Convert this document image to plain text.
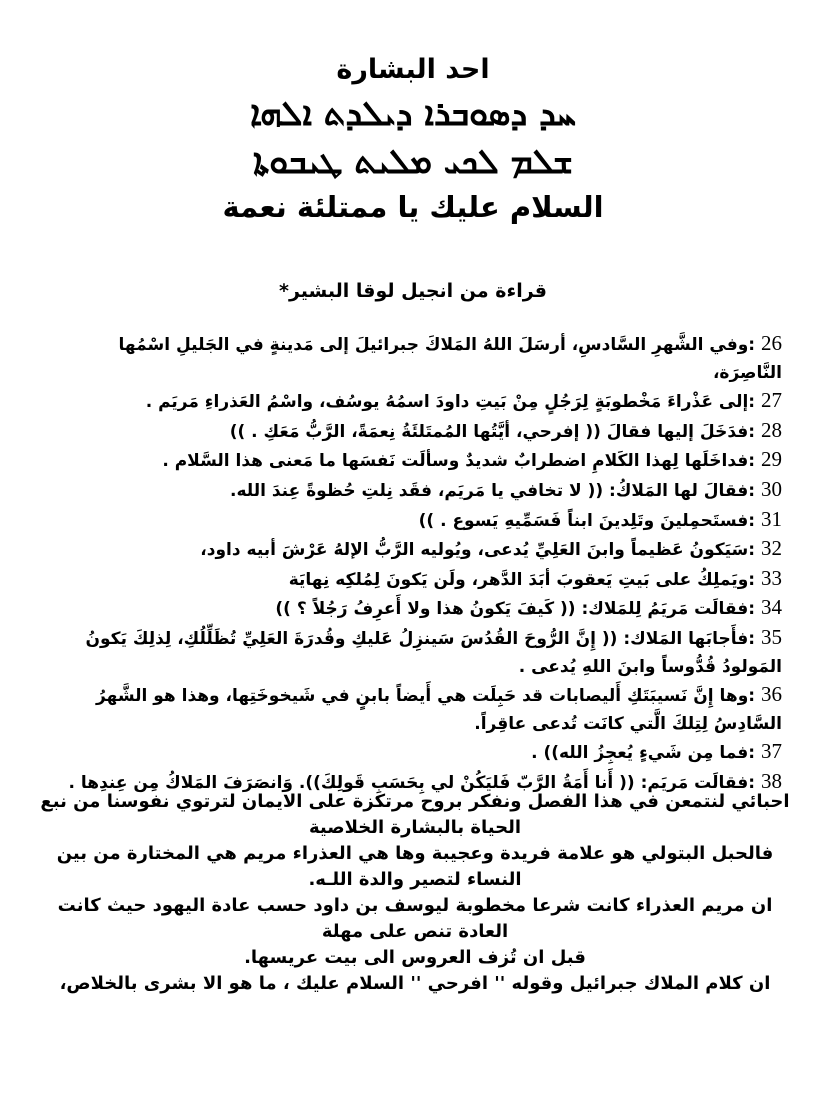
احد البشارة
ܚܕ ܕܣܘܒܪܐ ܕܝܠܕܬ ܐܠܗܐ
ܫܠܡ ܠܟܝ ܡܠܝܬ ܛܝܒܘܬܐ
السلام عليك يا ممتلئة نعمة
قراءة من انجيل لوقا البشير*
26 :وفي الشَّهرِ السَّادسِ، أرسَلَ اللهُ المَلاكَ جبرائيلَ إلى مَدينةٍ في الجَليلِ اسْمُها النَّاصِرَة،
27 :إلى عَذْراءَ مَخْطوبَةٍ لِرَجُلٍ مِنْ بَيتِ داودَ اسمُهُ يوسُف، واسْمُ العَذراءِ مَريَم .
28 :فدَخَلَ إليها فقالَ (( إفرحي، أيَّتُها المُمتَلئَةُ نِعمَةً، الرَّبُّ مَعَكِ . ))
29 :فداخَلَها لِهذا الكَلامِ اضطرابٌ شديدٌ وسألَت نَفسَها ما مَعنى هذا السَّلام .
30 :فقالَ لها المَلاكُ: (( لا تخافي يا مَريَم، فقَد نِلتِ حُظوةً عِندَ الله.
31 :فستَحمِلينَ وتَلِدينَ ابناً فَسَمِّيهِ يَسوع . ))
32 :سَيَكونُ عَظيماً وابنَ العَلِيِّ يُدعى، ويُوليه الرَّبُّ الإلهُ عَرْشَ أبيه داود،
33 :ويَملِكُ على بَيتِ يَعقوبَ أبَدَ الدَّهر، ولَن يَكونَ لِمُلكِه نِهايَة
34 :فقالَت مَريَمُ لِلمَلاك: (( كَيفَ يَكونُ هذا ولا أَعرِفُ رَجُلاً ؟ ))
35 :فأَجابَها المَلاك: (( إِنَّ الرُّوحَ القُدُسَ سَينزِلُ عَليكِ وقُدرَةَ العَلِيِّ تُظَلِّلُكِ، لِذلِكَ يَكونُ المَولودُ قُدُّوساً وابنَ اللهِ يُدعى .
36 :وها إِنَّ نَسيبَتَكِ أَليصابات قد حَبِلَت هي أَيضاً بابنٍ في شَيخوخَتِها، وهذا هو الشَّهرُ السَّادِسُ لِتِلكَ الَّتي كانَت تُدعى عاقِراً.
37 :فما مِن شَيءٍ يُعجِزُ الله)) .
38 :فقالَت مَريَم: (( أَنا أَمَةُ الرَّبّ فَليَكُنْ لي بِحَسَبِ قَولِكَ)). وَانصَرَفَ المَلاكُ مِن عِندِها .

احبائي لنتمعن في هذا الفصل ونفكر بروح مرتكزة على الايمان لترتوي نفوسنا من نبع الحياة بالبشارة الخلاصية

فالحبل البتولي هو علامة فريدة وعجيبة وها هي العذراء مريم هي المختارة من بين النساء لتصير والدة اللـه.

ان مريم العذراء كانت شرعا مخطوبة ليوسف بن داود حسب عادة اليهود حيث كانت العادة تنص على مهلة

قبل ان تُزف العروس الى بيت عريسها.

ان كلام الملاك جبرائيل وقوله '' افرحي '' السلام عليك ، ما هو الا بشرى بالخلاص،
